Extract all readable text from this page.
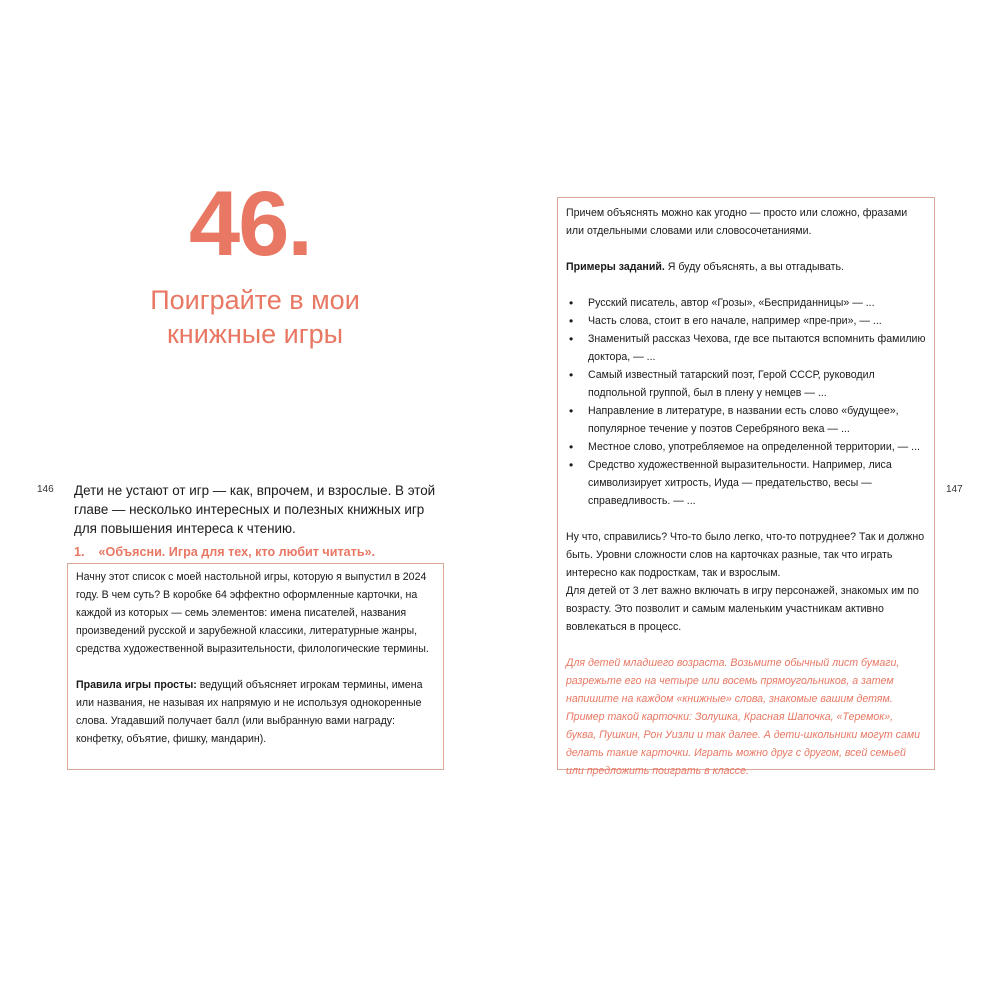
46.
Поиграйте в мои
книжные игры
146 Дети не устают от игр — как, впрочем, и взрослые. В этой главе — несколько интересных и полезных книжных игр для повышения интереса к чтению.

1. «Объясни. Игра для тех, кто любит читать».

Начну этот список с моей настольной игры, которую я выпустил в 2024 году. В чем суть? В коробке 64 эффектно оформленные карточки, на каждой из которых — семь элементов: имена писателей, названия произведений русской и зарубежной классики, литературные жанры, средства художественной выразительности, филологические термины.

Правила игры просты: ведущий объясняет игрокам термины, имена или названия, не называя их напрямую и не используя однокоренные слова. Угадавший получает балл (или выбранную вами награду: конфетку, объятие, фишку, мандарин).

Причем объяснять можно как угодно — просто или сложно, фразами или отдельными словами или словосочетаниями.

Примеры заданий. Я буду объяснять, а вы отгадывать.

• Русский писатель, автор «Грозы», «Бесприданницы» — ...
• Часть слова, стоит в его начале, например «пре-при», — ...
• Знаменитый рассказ Чехова, где все пытаются вспомнить фамилию доктора, — ...
• Самый известный татарский поэт, Герой СССР, руководил подпольной группой, был в плену у немцев — ...
• Направление в литературе, в названии есть слово «будущее», популярное течение у поэтов Серебряного века — ...
• Местное слово, употребляемое на определенной территории, — ...
• Средство художественной выразительности. Например, лиса символизирует хитрость, Иуда — предательство, весы — справедливость. — ...

Ну что, справились? Что-то было легко, что-то потруднее? Так и должно быть. Уровни сложности слов на карточках разные, так что играть интересно как подросткам, так и взрослым.

Для детей от 3 лет важно включать в игру персонажей, знакомых им по возрасту. Это позволит и самым маленьким участникам активно вовлекаться в процесс.

Для детей младшего возраста. Возьмите обычный лист бумаги, разрежьте его на четыре или восемь прямоугольников, а затем напишите на каждом «книжные» слова, знакомые вашим детям. Пример такой карточки: Золушка, Красная Шапочка, «Теремок», буква, Пушкин, Рон Уизли и так далее. А дети-школьники могут сами делать такие карточки. Играть можно друг с другом, всей семьей или предложить поиграть в классе.

147
